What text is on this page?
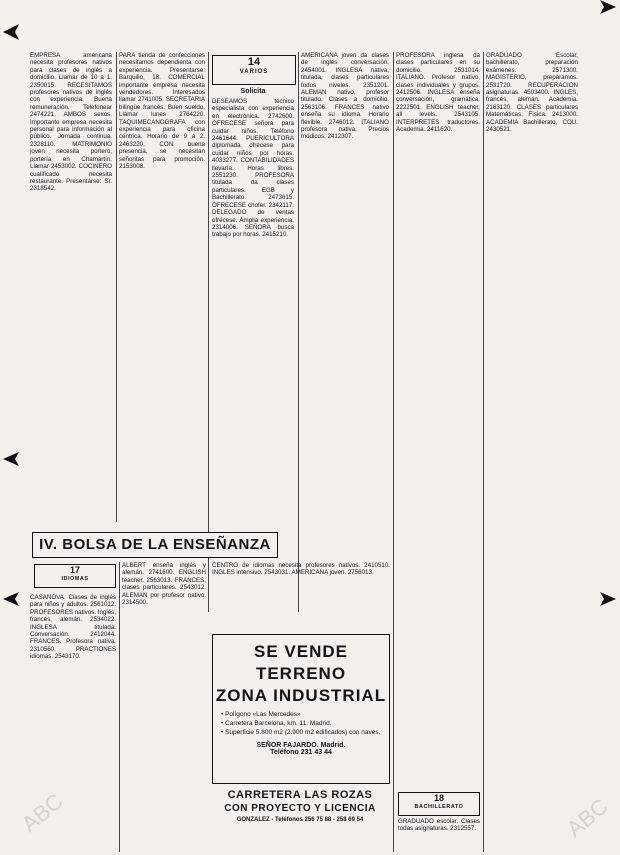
EMPRESA americana necesita profesores nativos para clases de inglés a domicilio. Llamar de 10 a 1. 2350015. RECESITAMOS profesores nativos de inglés con experiencia. Buena remuneración. Telefonear 2474221. AMBOS sexos. Importante empresa necesita personal para información al público. Jornada continua. 2328110. MATRIMONIO joven necesita portero, portería en Chamartín. Llamar 2453002. COCINERO cualificado necesita restaurante. Presentarse: Sr. 2318542.

PARA tienda de confecciones necesitamos dependienta con experiencia. Presentarse: Barquillo, 18. COMERCIAL importante empresa necesita vendedores. Interesados llamar 2741005. SECRETARIA bilingüe francés. Buen sueldo. Llamar lunes 2764220. TAQUIMECANOGRAFA con experiencia para oficina céntrica. Horario de 9 a 2. 2463220. CON buena presencia, se necesitan señoritas para promoción. 2153008.

14
VARIOS
Solicita

DESEAMOS técnico especialista con experiencia en electrónica. 2742600. OFRECESE señora para cuidar niños. Teléfono 2461644. PUERICULTORA diplomada ofrécese para cuidar niños por horas. 4033277. CONTABILIDADES llevaría. Horas libres. 2551230. PROFESORA titulada da clases particulares. EGB y Bachillerato. 2473615. OFRECESE chofer. 2342117. DELEGADO de ventas ofrécese. Amplia experiencia. 2314006. SEÑORA busca trabajo por horas. 2415210.

AMERICANA joven da clases de inglés conversación. 2454001. INGLESA nativa, titulada, clases particulares todos niveles. 2351201. ALEMAN nativo, profesor titulado. Clases a domicilio. 2563106. FRANCES nativo enseña su idioma. Horario flexible. 2746012. ITALIANO profesora nativa. Precios módicos. 2412307.

PROFESORA inglesa da clases particulares en su domicilio. 2531014. ITALIANO. Profesor nativo, clases individuales y grupos. 2412506. INGLESA enseña conversación, gramática. 2222501. ENGLISH teacher, all levels. 2543105. INTERPRETES traductores. Academia. 2411620.

GRADUADO Escolar, bachillerato, preparación exámenes. 2571300. MAGISTERIO, preparamos. 2531720. RECUPERACION asignaturas. 4503400. INGLES, francés, alemán. Academia. 2163120. CLASES particulares Matemáticas, Física. 2413000. ACADEMIA Bachillerato, COU. 2430521.

IV. BOLSA DE LA ENSEÑANZA
17
IDIOMAS

CASANOVA. Clases de inglés para niños y adultos. 2561012. PROFESORES nativos. Inglés, francés, alemán. 2534022. INGLESA titulada. Conversación. 2412044. FRANCES. Profesora nativa. 2310560. PRACTIONES idiomas. 2543170.

ALBERT enseña inglés y alemán. 2741600. ENGLISH teacher. 2563013. FRANCES, clases particulares. 2543012. ALEMAN por profesor nativo. 2314500.

CENTRO de idiomas necesita profesores nativos. 2410510. INGLES intensivo. 2543031. AMERICANA joven. 2756013.

SE VENDE TERRENO
ZONA INDUSTRIAL
• Polígono «Las Mercedes»
• Carretera Barcelona, km. 11. Madrid.
• Superficie 5.800 m2 (2.900 m2 edificados) con naves.
SEÑOR FAJARDO. Madrid.
Teléfono 231 43 44
CARRETERA LAS ROZAS
CON PROYECTO Y LICENCIA
GONZALEZ - Teléfonos 256 75 88 - 258 69 54
18
BACHILLERATO

GRADUADO escolar. Clases todas asignaturas. 2312557.

ABC	ABC
